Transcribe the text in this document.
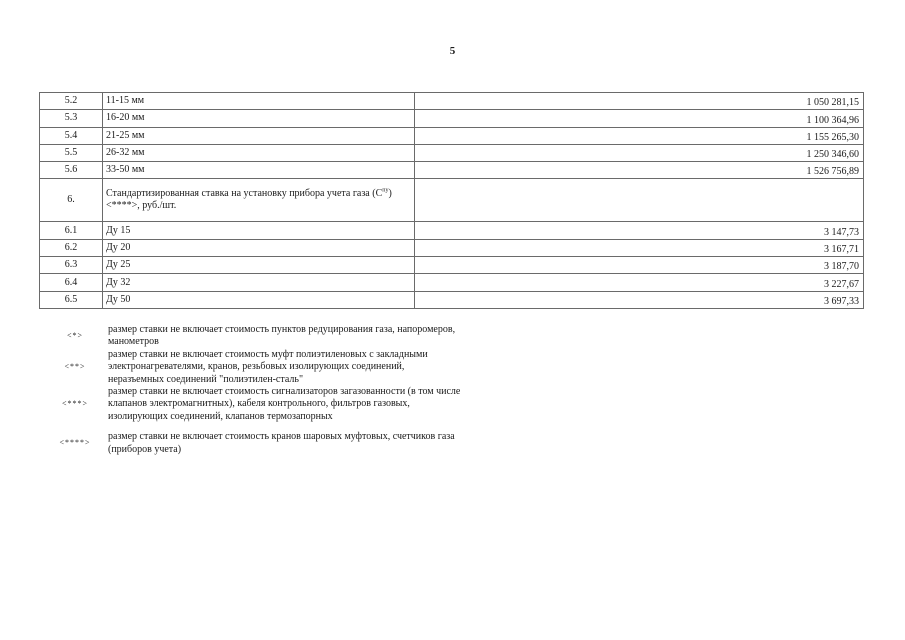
5
5.2	11-15 мм	1 050 281,15
5.3	16-20 мм	1 100 364,96
5.4	21-25 мм	1 155 265,30
5.5	26-32 мм	1 250 346,60
5.6	33-50 мм	1 526 756,89
6.	Стандартизированная ставка на установку прибора учета газа $(С^{пу})$ <****>, руб./шт.	
6.1	Ду 15	3 147,73
6.2	Ду 20	3 167,71
6.3	Ду 25	3 187,70
6.4	Ду 32	3 227,67
6.5	Ду 50	3 697,33
<*>
размер ставки не включает стоимость пунктов редуцирования газа, напоромеров, манометров
<**>
размер ставки не включает стоимость муфт полиэтиленовых с закладными электронагревателями, кранов, резьбовых изолирующих соединений, неразъемных соединений "полиэтилен-сталь"
<***>
размер ставки не включает стоимость сигнализаторов загазованности (в том числе клапанов электромагнитных), кабеля контрольного, фильтров газовых, изолирующих соединений, клапанов термозапорных
<****>
размер ставки не включает стоимость кранов шаровых муфтовых, счетчиков газа (приборов учета)
